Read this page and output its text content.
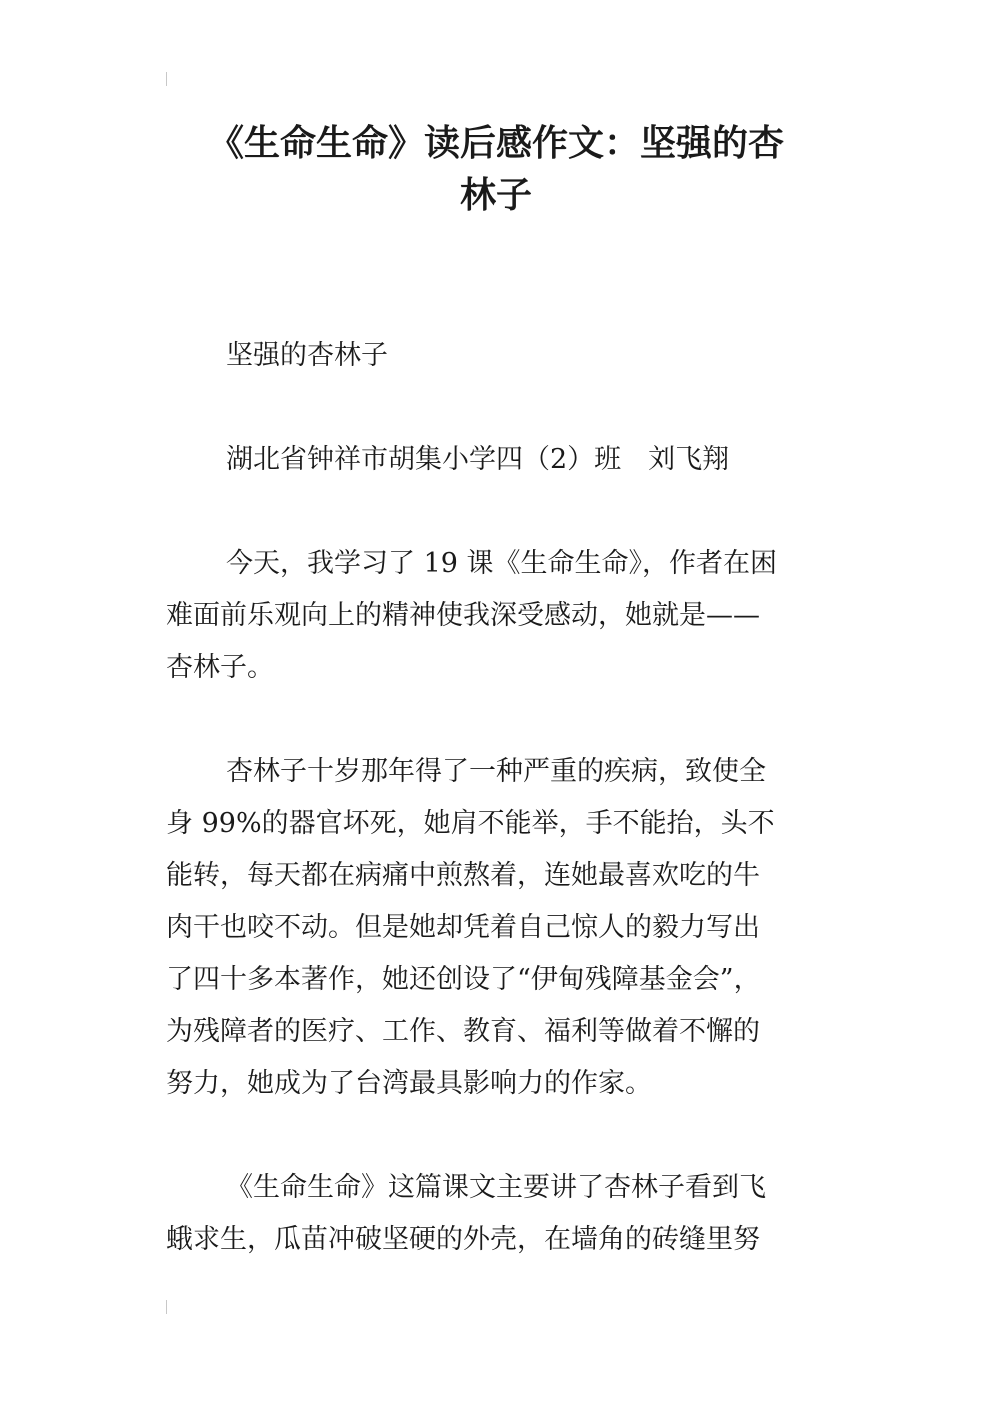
《生命生命》读后感作文：坚强的杏
林子

坚强的杏林子

湖北省钟祥市胡集小学四（2）班　刘飞翔

今天，我学习了 19 课《生命生命》，作者在困
难面前乐观向上的精神使我深受感动，她就是——
杏林子。

杏林子十岁那年得了一种严重的疾病，致使全
身 99%的器官坏死，她肩不能举，手不能抬，头不
能转，每天都在病痛中煎熬着，连她最喜欢吃的牛
肉干也咬不动。但是她却凭着自己惊人的毅力写出
了四十多本著作，她还创设了“伊甸残障基金会”，
为残障者的医疗、工作、教育、福利等做着不懈的
努力，她成为了台湾最具影响力的作家。

《生命生命》这篇课文主要讲了杏林子看到飞
蛾求生，瓜苗冲破坚硬的外壳，在墙角的砖缝里努
